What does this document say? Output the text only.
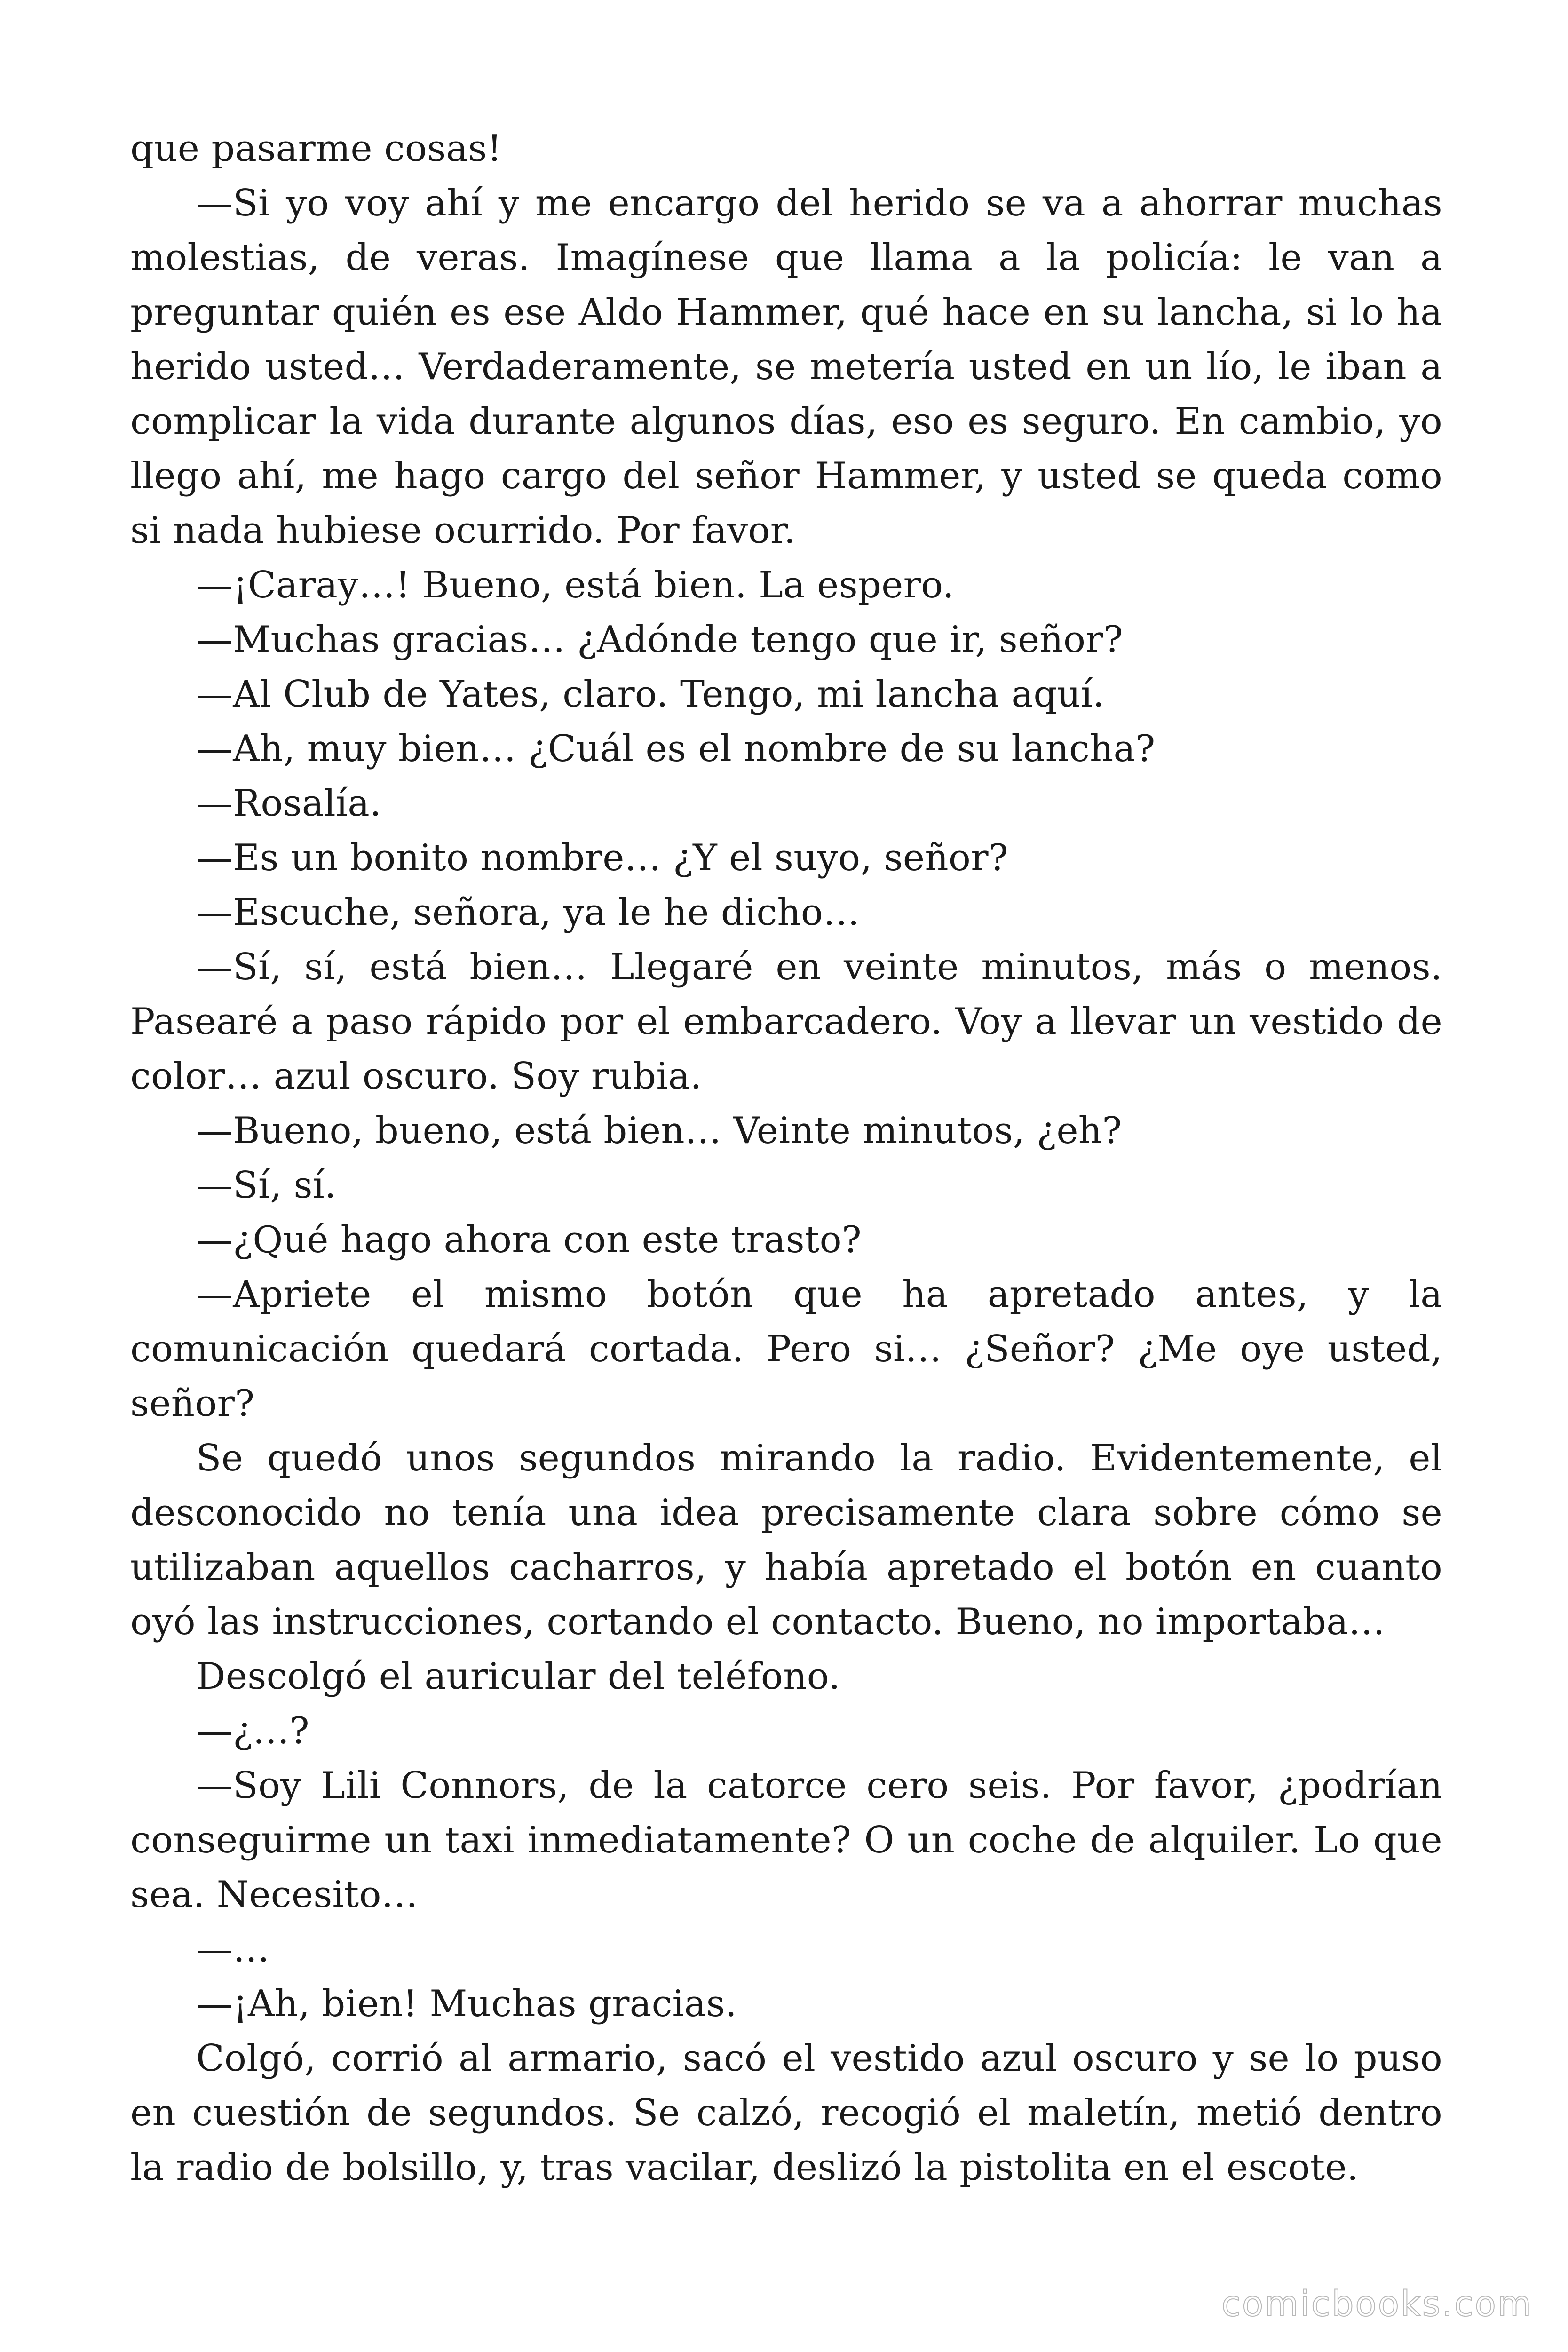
que pasarme cosas!

—Si yo voy ahí y me encargo del herido se va a ahorrar muchas molestias, de veras. Imagínese que llama a la policía: le van a preguntar quién es ese Aldo Hammer, qué hace en su lancha, si lo ha herido usted… Verdaderamente, se metería usted en un lío, le iban a complicar la vida durante algunos días, eso es seguro. En cambio, yo llego ahí, me hago cargo del señor Hammer, y usted se queda como si nada hubiese ocurrido. Por favor.

—¡Caray…! Bueno, está bien. La espero.

—Muchas gracias… ¿Adónde tengo que ir, señor?

—Al Club de Yates, claro. Tengo, mi lancha aquí.

—Ah, muy bien… ¿Cuál es el nombre de su lancha?

—Rosalía.

—Es un bonito nombre… ¿Y el suyo, señor?

—Escuche, señora, ya le he dicho…

—Sí, sí, está bien… Llegaré en veinte minutos, más o menos. Pasearé a paso rápido por el embarcadero. Voy a llevar un vestido de color… azul oscuro. Soy rubia.

—Bueno, bueno, está bien… Veinte minutos, ¿eh?

—Sí, sí.

—¿Qué hago ahora con este trasto?

—Apriete el mismo botón que ha apretado antes, y la comunicación quedará cortada. Pero si… ¿Señor? ¿Me oye usted, señor?

Se quedó unos segundos mirando la radio. Evidentemente, el desconocido no tenía una idea precisamente clara sobre cómo se utilizaban aquellos cacharros, y había apretado el botón en cuanto oyó las instrucciones, cortando el contacto. Bueno, no importaba…

Descolgó el auricular del teléfono.

—¿…?

—Soy Lili Connors, de la catorce cero seis. Por favor, ¿podrían conseguirme un taxi inmediatamente? O un coche de alquiler. Lo que sea. Necesito…

—…

—¡Ah, bien! Muchas gracias.

Colgó, corrió al armario, sacó el vestido azul oscuro y se lo puso en cuestión de segundos. Se calzó, recogió el maletín, metió dentro la radio de bolsillo, y, tras vacilar, deslizó la pistolita en el escote.

comicbooks.com
